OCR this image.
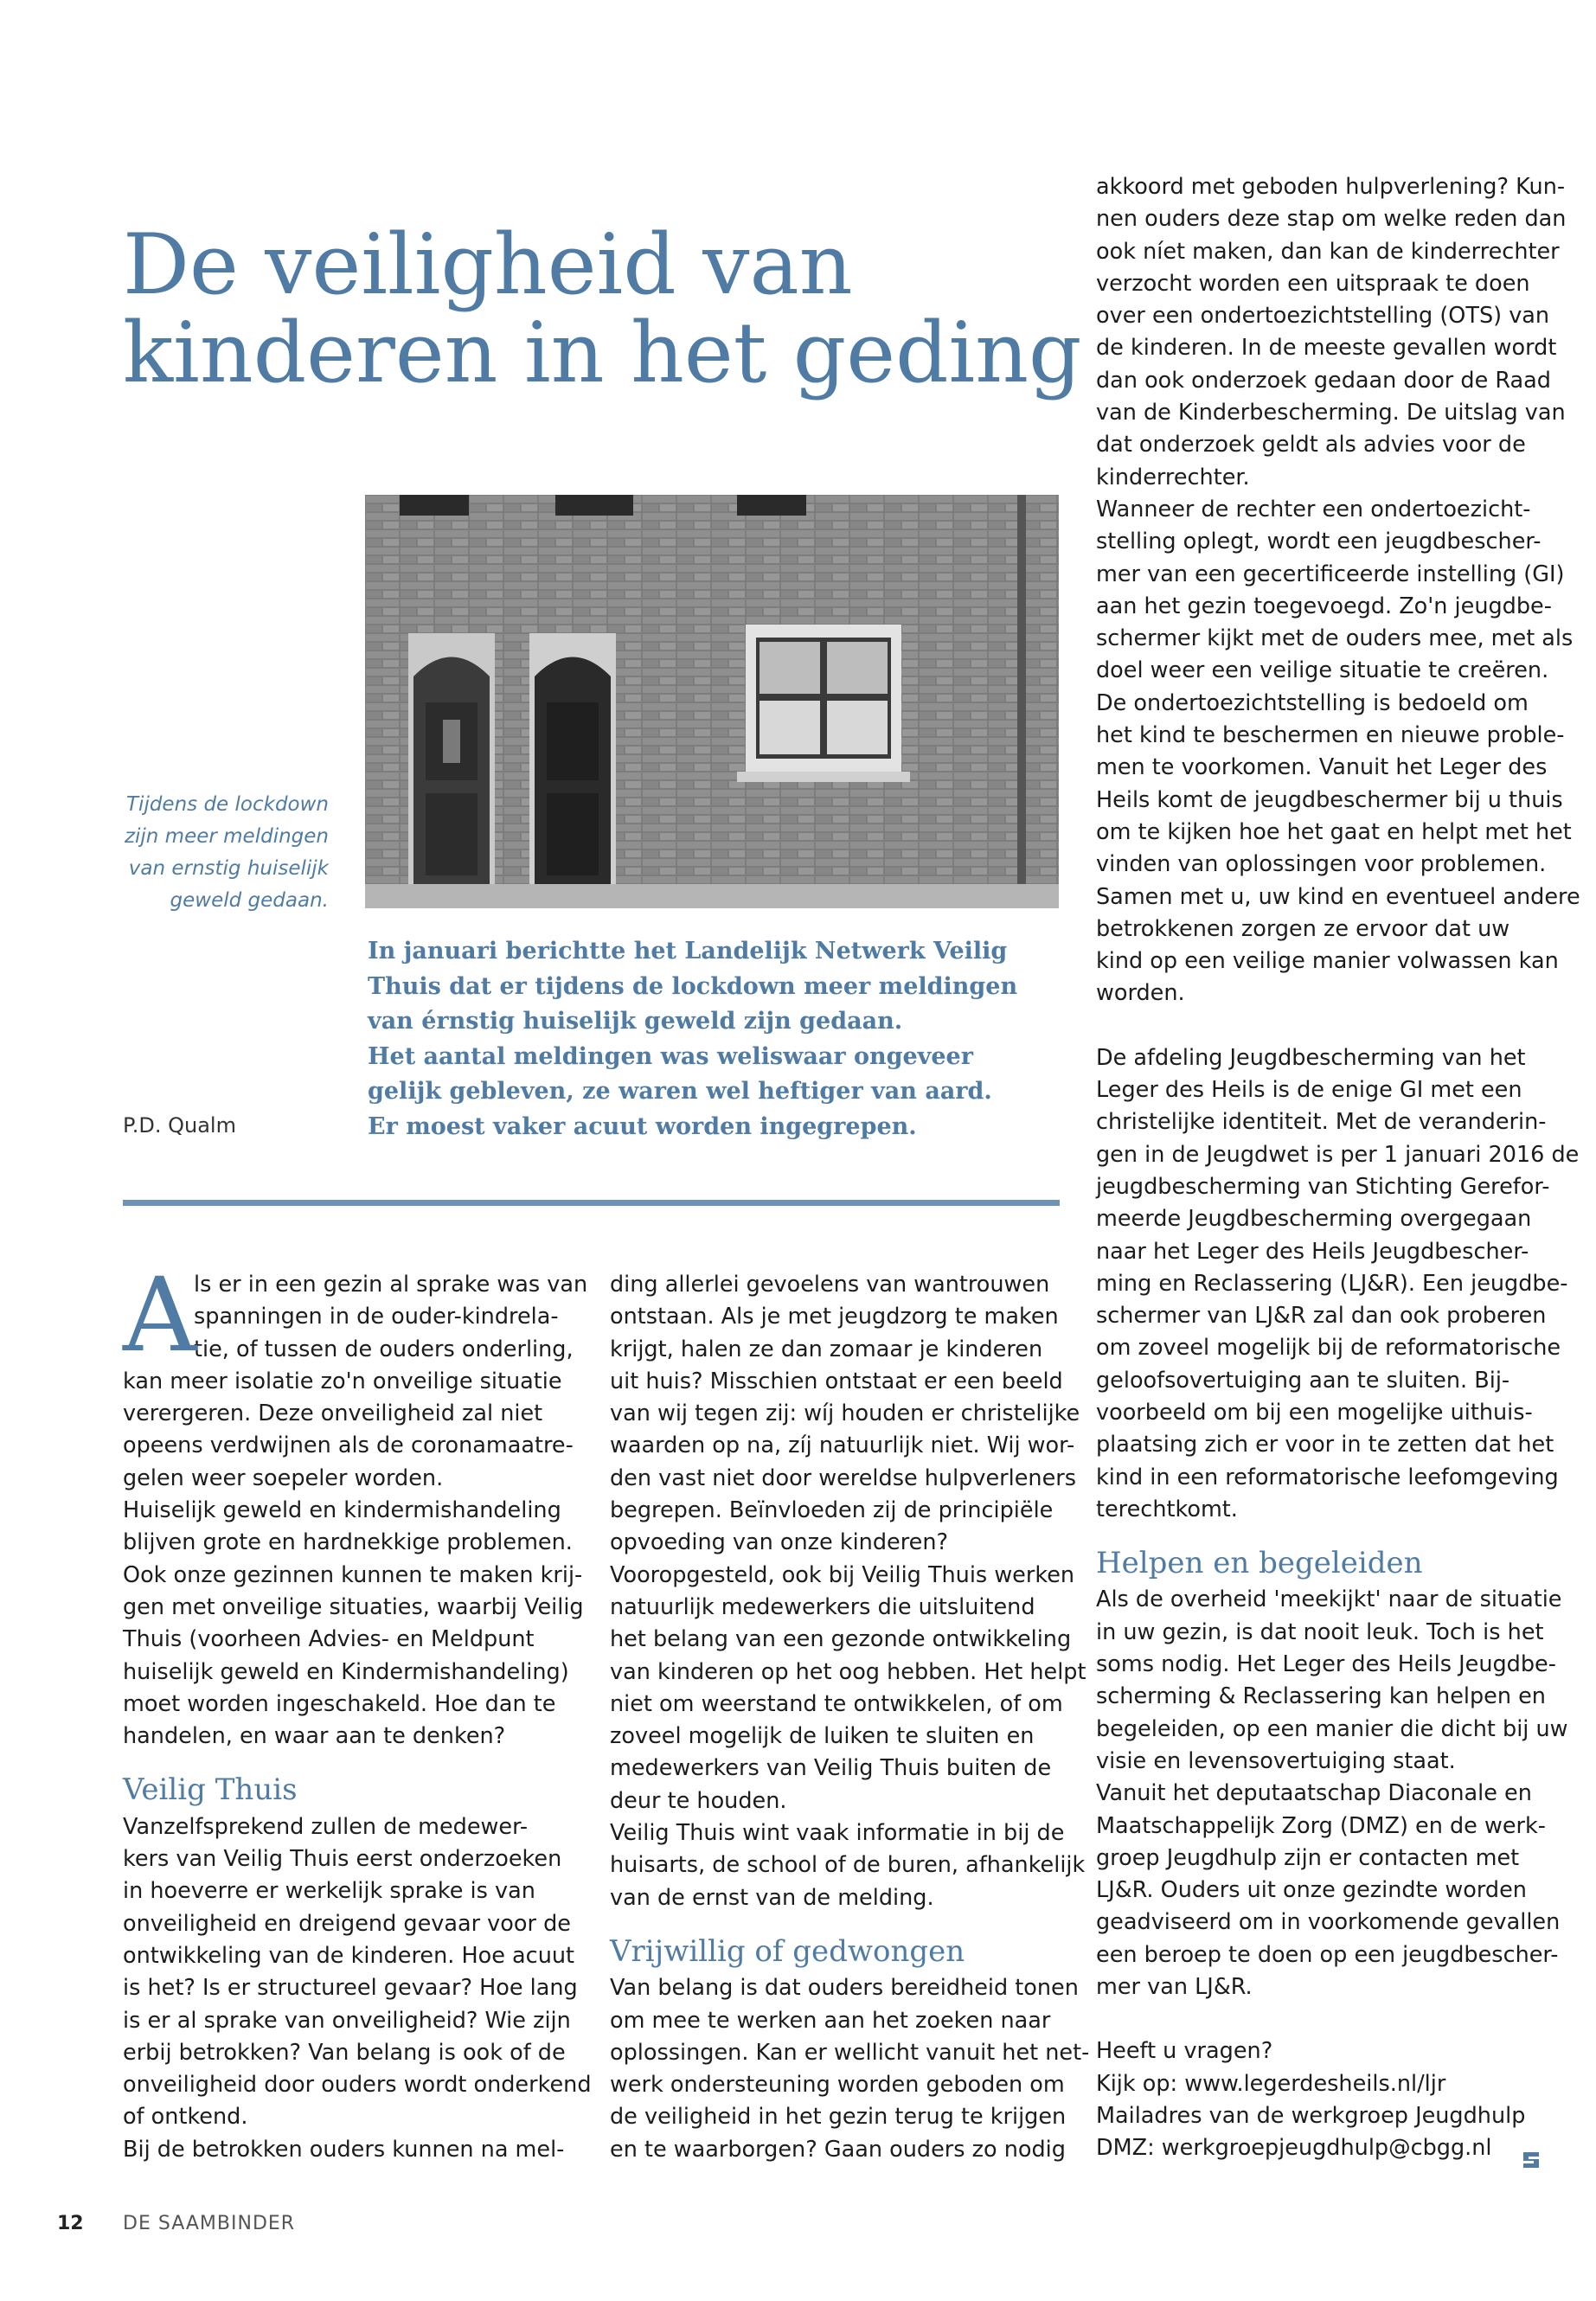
De veiligheid van
kinderen in het geding
Tijdens de lockdown
zijn meer meldingen
van ernstig huiselijk
geweld gedaan.
In januari berichtte het Landelijk Netwerk Veilig
Thuis dat er tijdens de lockdown meer meldingen
van érnstig huiselijk geweld zijn gedaan.
Het aantal meldingen was weliswaar ongeveer
gelijk gebleven, ze waren wel heftiger van aard.
Er moest vaker acuut worden ingegrepen.
P.D. Qualm
A
ls er in een gezin al sprake was van
spanningen in de ouder-kindrela-
tie, of tussen de ouders onderling,
kan meer isolatie zo'n onveilige situatie
verergeren. Deze onveiligheid zal niet
opeens verdwijnen als de coronamaatre-
gelen weer soepeler worden.
Huiselijk geweld en kindermishandeling
blijven grote en hardnekkige problemen.
Ook onze gezinnen kunnen te maken krij-
gen met onveilige situaties, waarbij Veilig
Thuis (voorheen Advies- en Meldpunt
huiselijk geweld en Kindermishandeling)
moet worden ingeschakeld. Hoe dan te
handelen, en waar aan te denken?
Veilig Thuis
Vanzelfsprekend zullen de medewer-
kers van Veilig Thuis eerst onderzoeken
in hoeverre er werkelijk sprake is van
onveiligheid en dreigend gevaar voor de
ontwikkeling van de kinderen. Hoe acuut
is het? Is er structureel gevaar? Hoe lang
is er al sprake van onveiligheid? Wie zijn
erbij betrokken? Van belang is ook of de
onveiligheid door ouders wordt onderkend
of ontkend.
Bij de betrokken ouders kunnen na mel-
ding allerlei gevoelens van wantrouwen
ontstaan. Als je met jeugdzorg te maken
krijgt, halen ze dan zomaar je kinderen
uit huis? Misschien ontstaat er een beeld
van wij tegen zij: wíj houden er christelijke
waarden op na, zíj natuurlijk niet. Wij wor-
den vast niet door wereldse hulpverleners
begrepen. Beïnvloeden zij de principiële
opvoeding van onze kinderen?
Vooropgesteld, ook bij Veilig Thuis werken
natuurlijk medewerkers die uitsluitend
het belang van een gezonde ontwikkeling
van kinderen op het oog hebben. Het helpt
niet om weerstand te ontwikkelen, of om
zoveel mogelijk de luiken te sluiten en
medewerkers van Veilig Thuis buiten de
deur te houden.
Veilig Thuis wint vaak informatie in bij de
huisarts, de school of de buren, afhankelijk
van de ernst van de melding.
Vrijwillig of gedwongen
Van belang is dat ouders bereidheid tonen
om mee te werken aan het zoeken naar
oplossingen. Kan er wellicht vanuit het net-
werk ondersteuning worden geboden om
de veiligheid in het gezin terug te krijgen
en te waarborgen? Gaan ouders zo nodig
akkoord met geboden hulpverlening? Kun-
nen ouders deze stap om welke reden dan
ook níet maken, dan kan de kinderrechter
verzocht worden een uitspraak te doen
over een ondertoezichtstelling (OTS) van
de kinderen. In de meeste gevallen wordt
dan ook onderzoek gedaan door de Raad
van de Kinderbescherming. De uitslag van
dat onderzoek geldt als advies voor de
kinderrechter.
Wanneer de rechter een ondertoezicht-
stelling oplegt, wordt een jeugdbescher-
mer van een gecertificeerde instelling (GI)
aan het gezin toegevoegd. Zo'n jeugdbe-
schermer kijkt met de ouders mee, met als
doel weer een veilige situatie te creëren.
De ondertoezichtstelling is bedoeld om
het kind te beschermen en nieuwe proble-
men te voorkomen. Vanuit het Leger des
Heils komt de jeugdbeschermer bij u thuis
om te kijken hoe het gaat en helpt met het
vinden van oplossingen voor problemen.
Samen met u, uw kind en eventueel andere
betrokkenen zorgen ze ervoor dat uw
kind op een veilige manier volwassen kan
worden.
De afdeling Jeugdbescherming van het
Leger des Heils is de enige GI met een
christelijke identiteit. Met de veranderin-
gen in de Jeugdwet is per 1 januari 2016 de
jeugdbescherming van Stichting Gerefor-
meerde Jeugdbescherming overgegaan
naar het Leger des Heils Jeugdbescher-
ming en Reclassering (LJ&R). Een jeugdbe-
schermer van LJ&R zal dan ook proberen
om zoveel mogelijk bij de reformatorische
geloofsovertuiging aan te sluiten. Bij-
voorbeeld om bij een mogelijke uithuis-
plaatsing zich er voor in te zetten dat het
kind in een reformatorische leefomgeving
terechtkomt.
Helpen en begeleiden
Als de overheid 'meekijkt' naar de situatie
in uw gezin, is dat nooit leuk. Toch is het
soms nodig. Het Leger des Heils Jeugdbe-
scherming & Reclassering kan helpen en
begeleiden, op een manier die dicht bij uw
visie en levensovertuiging staat.
Vanuit het deputaatschap Diaconale en
Maatschappelijk Zorg (DMZ) en de werk-
groep Jeugdhulp zijn er contacten met
LJ&R. Ouders uit onze gezindte worden
geadviseerd om in voorkomende gevallen
een beroep te doen op een jeugdbescher-
mer van LJ&R.
Heeft u vragen?
Kijk op: www.legerdesheils.nl/ljr
Mailadres van de werkgroep Jeugdhulp
DMZ: werkgroepjeugdhulp@cbgg.nl
12 DE SAAMBINDER
